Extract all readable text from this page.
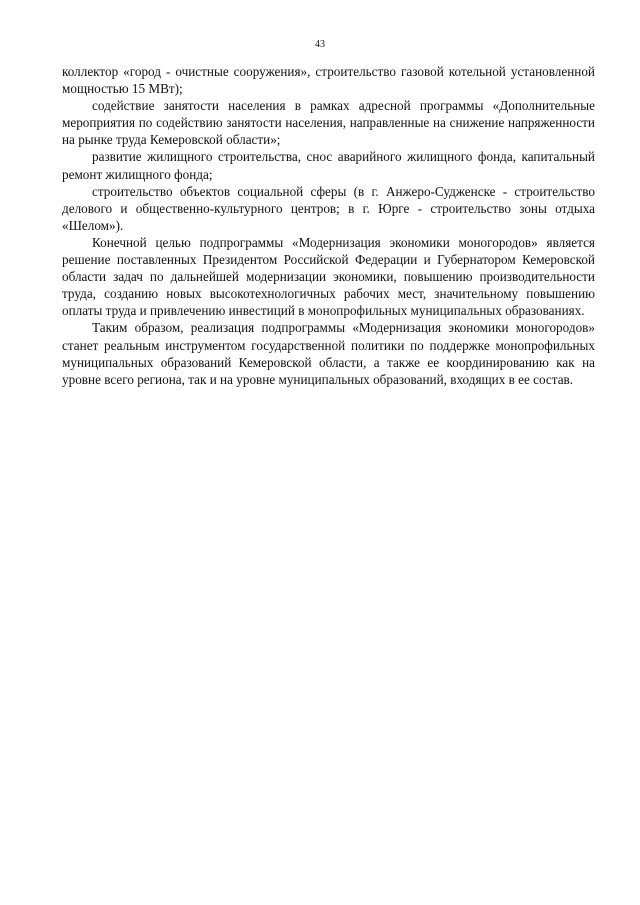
43

коллектор «город - очистные сооружения», строительство газовой котельной установленной мощностью 15 МВт);

содействие занятости населения в рамках адресной программы «Дополнительные мероприятия по содействию занятости населения, направленные на снижение напряженности на рынке труда Кемеровской области»;

развитие жилищного строительства, снос аварийного жилищного фонда, капитальный ремонт жилищного фонда;

строительство объектов социальной сферы (в г. Анжеро-Судженске - строительство делового и общественно-культурного центров; в г. Юрге - строительство зоны отдыха «Шелом»).

Конечной целью подпрограммы «Модернизация экономики моногородов» является решение поставленных Президентом Российской Федерации и Губернатором Кемеровской области задач по дальнейшей модернизации экономики, повышению производительности труда, созданию новых высокотехнологичных рабочих мест, значительному повышению оплаты труда и привлечению инвестиций в монопрофильных муниципальных образованиях.

Таким образом, реализация подпрограммы «Модернизация экономики моногородов» станет реальным инструментом государственной политики по поддержке монопрофильных муниципальных образований Кемеровской области, а также ее координированию как на уровне всего региона, так и на уровне муниципальных образований, входящих в ее состав.
